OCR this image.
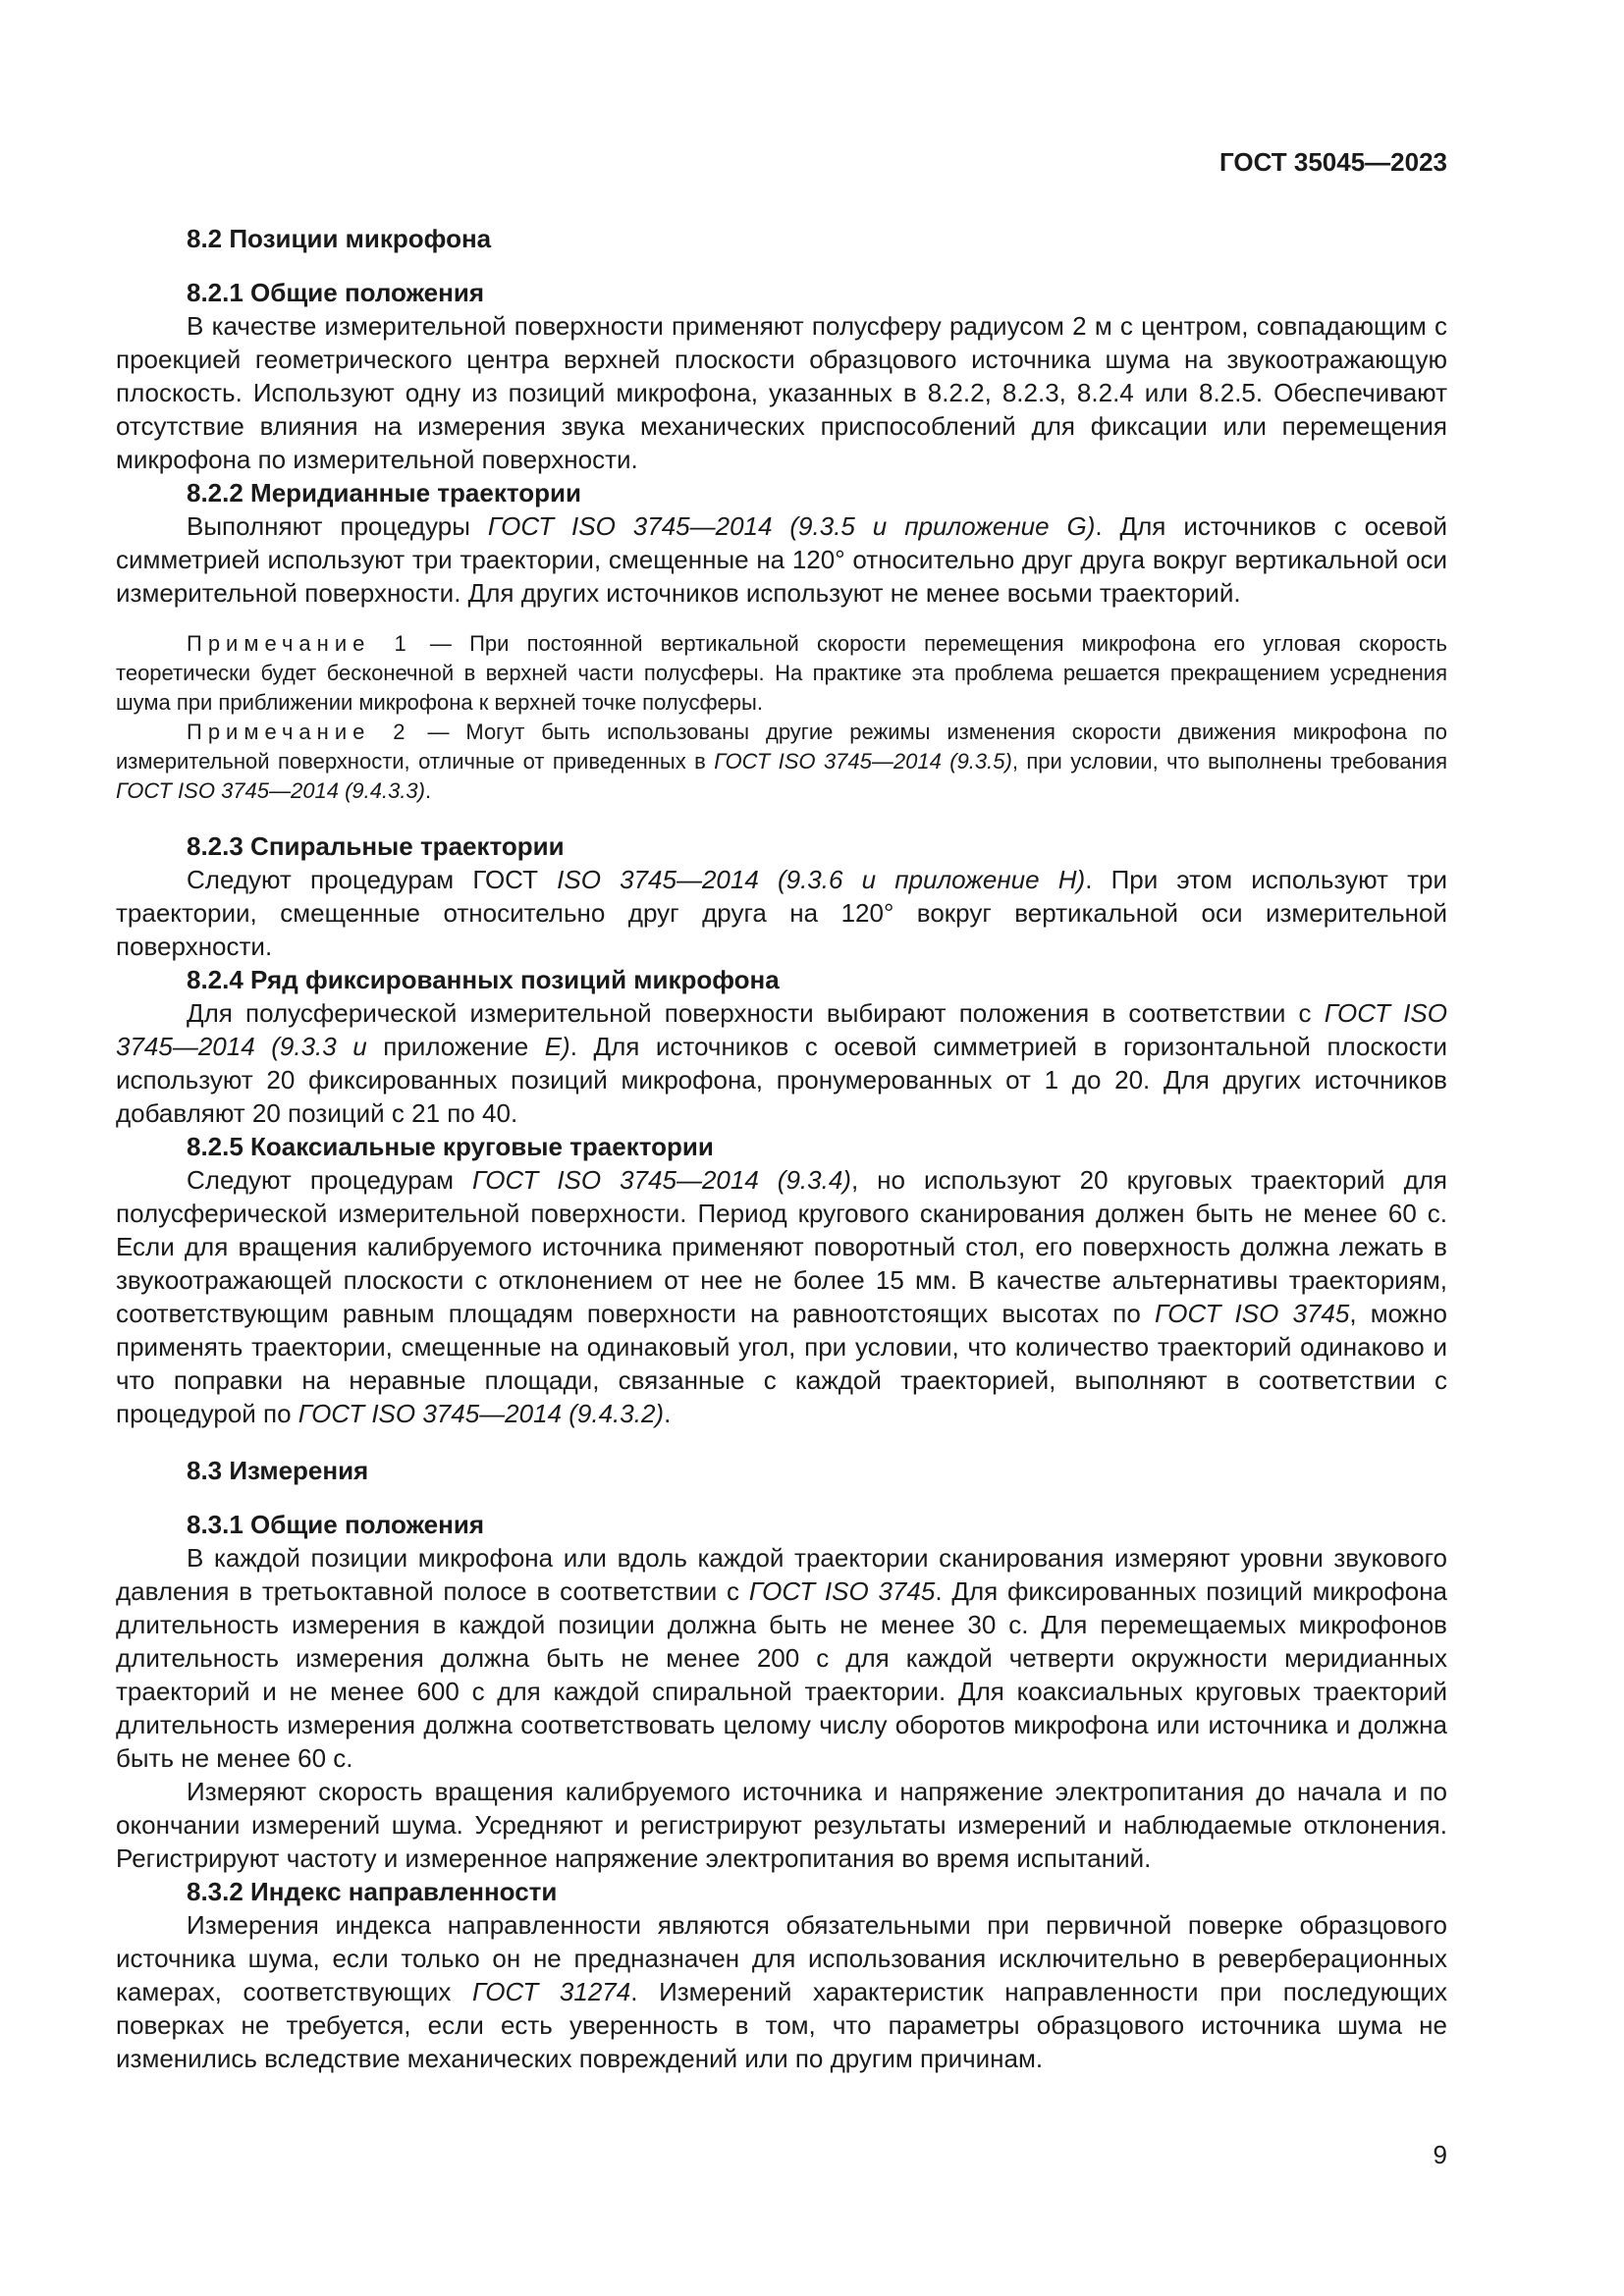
ГОСТ 35045—2023
8.2 Позиции микрофона
8.2.1 Общие положения

В качестве измерительной поверхности применяют полусферу радиусом 2 м с центром, совпадающим с проекцией геометрического центра верхней плоскости образцового источника шума на звукоотражающую плоскость. Используют одну из позиций микрофона, указанных в 8.2.2, 8.2.3, 8.2.4 или 8.2.5. Обеспечивают отсутствие влияния на измерения звука механических приспособлений для фиксации или перемещения микрофона по измерительной поверхности.

8.2.2 Меридианные траектории

Выполняют процедуры ГОСТ ISO 3745—2014 (9.3.5 и приложение G). Для источников с осевой симметрией используют три траектории, смещенные на 120° относительно друг друга вокруг вертикальной оси измерительной поверхности. Для других источников используют не менее восьми траекторий.

Примечание 1 — При постоянной вертикальной скорости перемещения микрофона его угловая скорость теоретически будет бесконечной в верхней части полусферы. На практике эта проблема решается прекращением усреднения шума при приближении микрофона к верхней точке полусферы.

Примечание 2 — Могут быть использованы другие режимы изменения скорости движения микрофона по измерительной поверхности, отличные от приведенных в ГОСТ ISO 3745—2014 (9.3.5), при условии, что выполнены требования ГОСТ ISO 3745—2014 (9.4.3.3).

8.2.3 Спиральные траектории

Следуют процедурам ГОСТ ISO 3745—2014 (9.3.6 и приложение H). При этом используют три траектории, смещенные относительно друг друга на 120° вокруг вертикальной оси измерительной поверхности.

8.2.4 Ряд фиксированных позиций микрофона

Для полусферической измерительной поверхности выбирают положения в соответствии с ГОСТ ISO 3745—2014 (9.3.3 и приложение E). Для источников с осевой симметрией в горизонтальной плоскости используют 20 фиксированных позиций микрофона, пронумерованных от 1 до 20. Для других источников добавляют 20 позиций с 21 по 40.

8.2.5 Коаксиальные круговые траектории

Следуют процедурам ГОСТ ISO 3745—2014 (9.3.4), но используют 20 круговых траекторий для полусферической измерительной поверхности. Период кругового сканирования должен быть не менее 60 с. Если для вращения калибруемого источника применяют поворотный стол, его поверхность должна лежать в звукоотражающей плоскости с отклонением от нее не более 15 мм. В качестве альтернативы траекториям, соответствующим равным площадям поверхности на равноотстоящих высотах по ГОСТ ISO 3745, можно применять траектории, смещенные на одинаковый угол, при условии, что количество траекторий одинаково и что поправки на неравные площади, связанные с каждой траекторией, выполняют в соответствии с процедурой по ГОСТ ISO 3745—2014 (9.4.3.2).

8.3 Измерения
8.3.1 Общие положения

В каждой позиции микрофона или вдоль каждой траектории сканирования измеряют уровни звукового давления в третьоктавной полосе в соответствии с ГОСТ ISO 3745. Для фиксированных позиций микрофона длительность измерения в каждой позиции должна быть не менее 30 с. Для перемещаемых микрофонов длительность измерения должна быть не менее 200 с для каждой четверти окружности меридианных траекторий и не менее 600 с для каждой спиральной траектории. Для коаксиальных круговых траекторий длительность измерения должна соответствовать целому числу оборотов микрофона или источника и должна быть не менее 60 с.

Измеряют скорость вращения калибруемого источника и напряжение электропитания до начала и по окончании измерений шума. Усредняют и регистрируют результаты измерений и наблюдаемые отклонения. Регистрируют частоту и измеренное напряжение электропитания во время испытаний.

8.3.2 Индекс направленности

Измерения индекса направленности являются обязательными при первичной поверке образцового источника шума, если только он не предназначен для использования исключительно в реверберационных камерах, соответствующих ГОСТ 31274. Измерений характеристик направленности при последующих поверках не требуется, если есть уверенность в том, что параметры образцового источника шума не изменились вследствие механических повреждений или по другим причинам.

9
